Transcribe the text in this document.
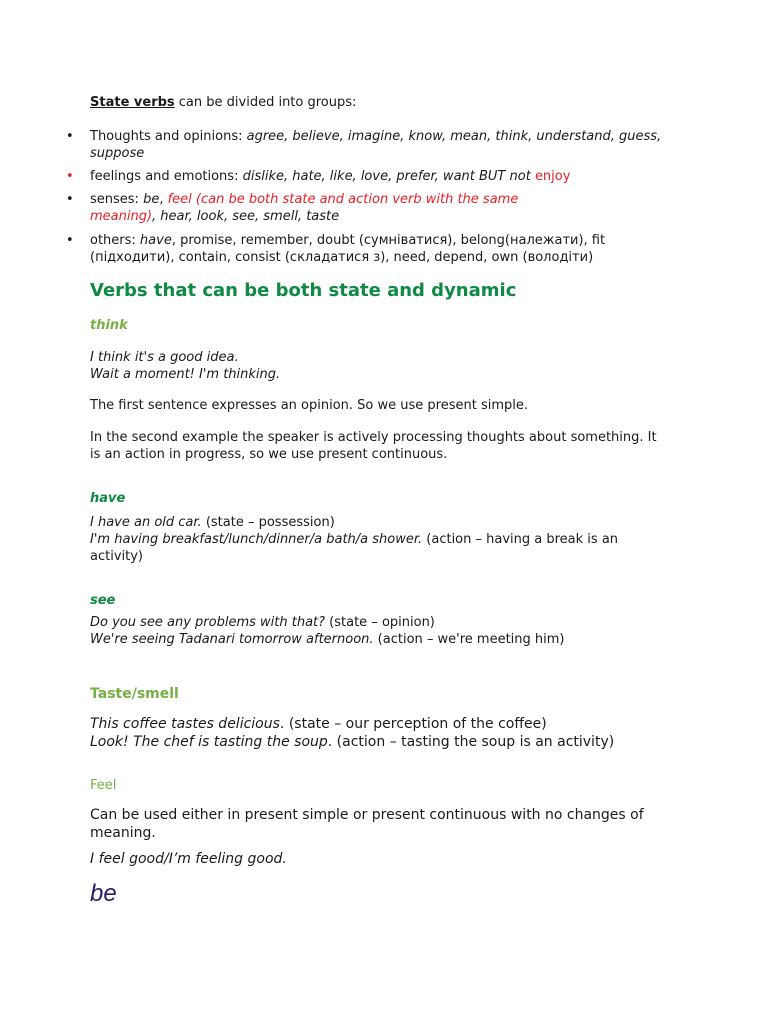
State verbs can be divided into groups:

• Thoughts and opinions: agree, believe, imagine, know, mean, think, understand, guess,
suppose

• feelings and emotions: dislike, hate, like, love, prefer, want BUT not enjoy

• senses: be, feel (can be both state and action verb with the same
meaning), hear, look, see, smell, taste

• others: have, promise, remember, doubt (сумніватися), belong(належати), fit
(підходити), contain, consist (складатися з), need, depend, own (володіти)

Verbs that can be both state and dynamic

think

I think it's a good idea.
Wait a moment! I'm thinking.

The first sentence expresses an opinion. So we use present simple.

In the second example the speaker is actively processing thoughts about something. It
is an action in progress, so we use present continuous.

have

I have an old car. (state – possession)
I'm having breakfast/lunch/dinner/a bath/a shower. (action – having a break is an
activity)

see

Do you see any problems with that? (state – opinion)
We're seeing Tadanari tomorrow afternoon. (action – we're meeting him)

Taste/smell

This coffee tastes delicious. (state – our perception of the coffee)
Look! The chef is tasting the soup. (action – tasting the soup is an activity)

Feel

Can be used either in present simple or present continuous with no changes of
meaning.

I feel good/I’m feeling good.

be
